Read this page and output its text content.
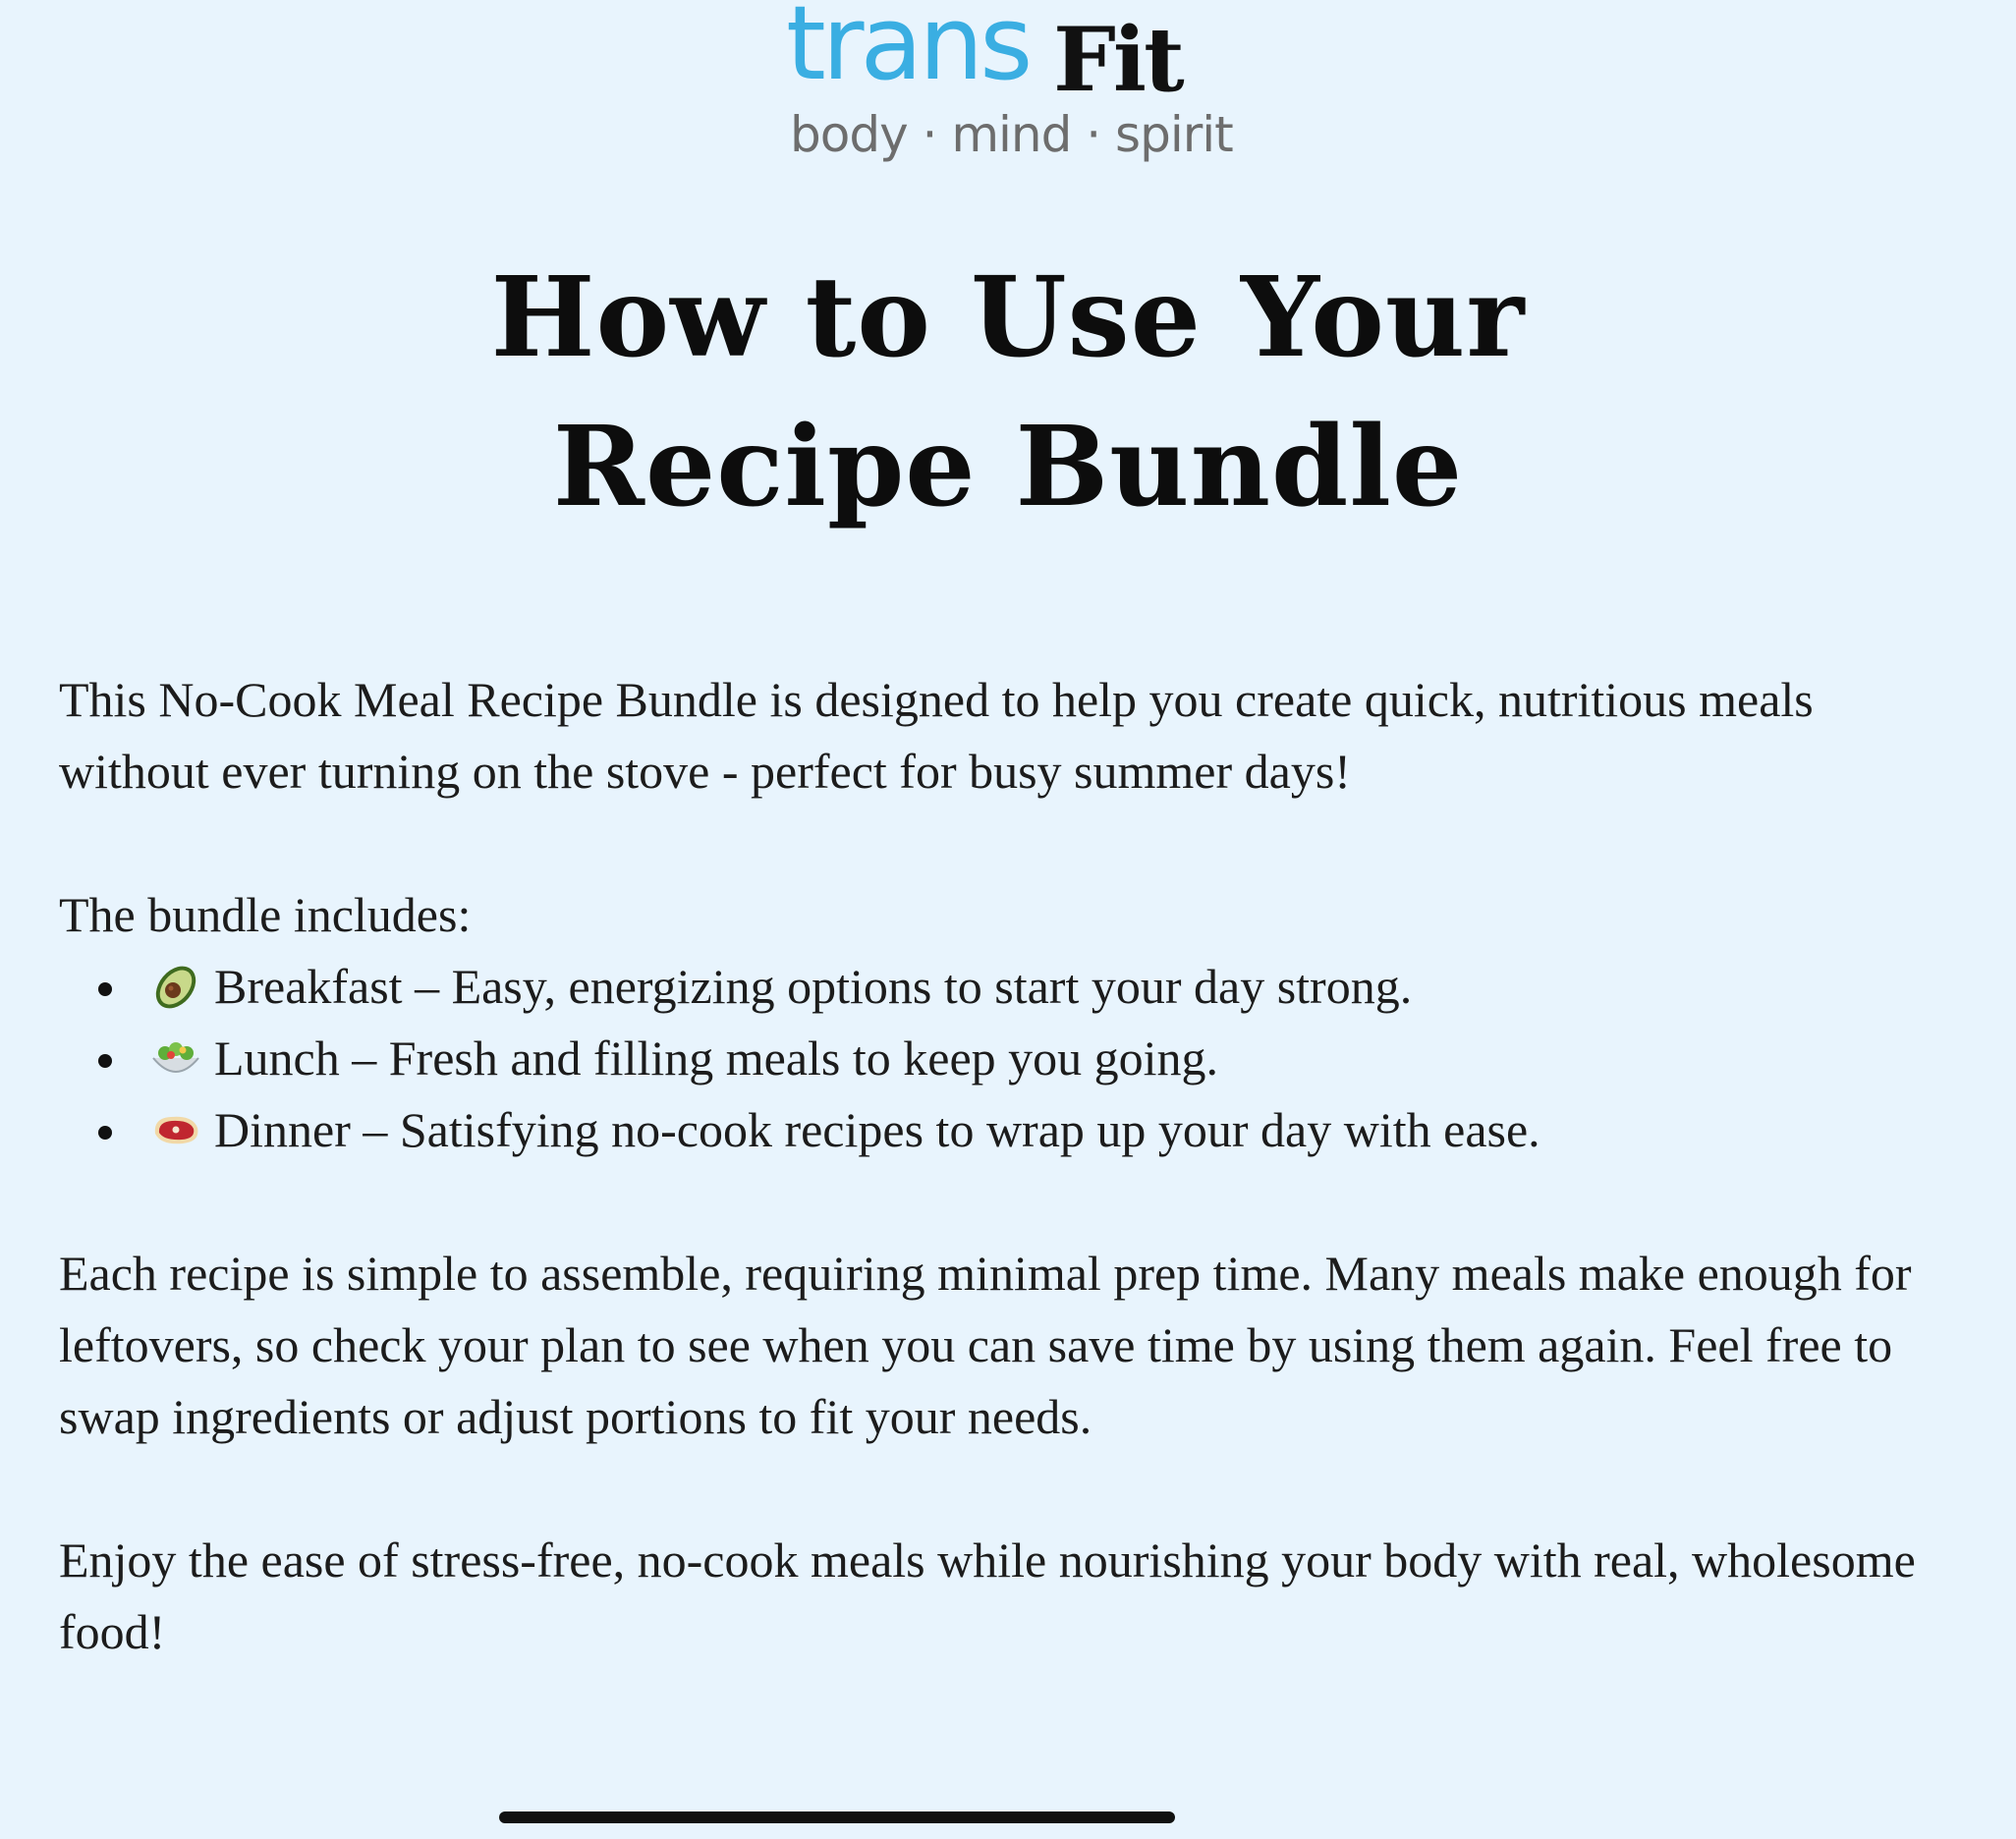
trans Fit
body · mind · spirit
How to Use Your
Recipe Bundle

This No-Cook Meal Recipe Bundle is designed to help you create quick, nutritious meals without ever turning on the stove - perfect for busy summer days!

The bundle includes:

Breakfast – Easy, energizing options to start your day strong.
Lunch – Fresh and filling meals to keep you going.
Dinner – Satisfying no-cook recipes to wrap up your day with ease.

Each recipe is simple to assemble, requiring minimal prep time. Many meals make enough for leftovers, so check your plan to see when you can save time by using them again. Feel free to swap ingredients or adjust portions to fit your needs.

Enjoy the ease of stress-free, no-cook meals while nourishing your body with real, wholesome food!
